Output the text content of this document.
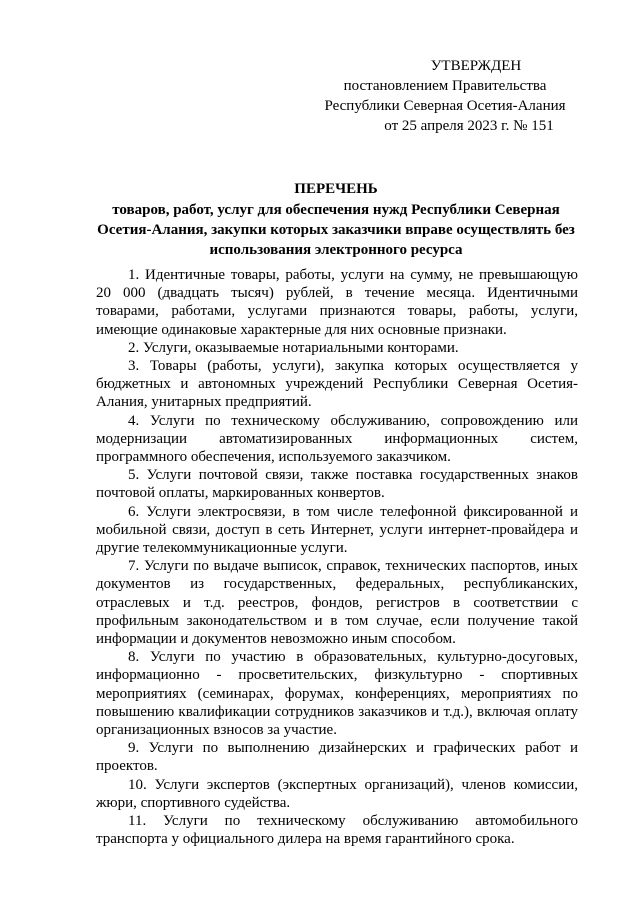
УТВЕРЖДЕН
постановлением Правительства
Республики Северная Осетия-Алания
от 25 апреля 2023 г. № 151
ПЕРЕЧЕНЬ
товаров, работ, услуг для обеспечения нужд Республики Северная
Осетия-Алания, закупки которых заказчики вправе осуществлять без
использования электронного ресурса

1. Идентичные товары, работы, услуги на сумму, не превышающую 20 000 (двадцать тысяч) рублей, в течение месяца. Идентичными товарами, работами, услугами признаются товары, работы, услуги, имеющие одинаковые характерные для них основные признаки.

2. Услуги, оказываемые нотариальными конторами.

3. Товары (работы, услуги), закупка которых осуществляется у бюджетных и автономных учреждений Республики Северная Осетия-Алания, унитарных предприятий.

4. Услуги по техническому обслуживанию, сопровождению или модернизации автоматизированных информационных систем, программного обеспечения, используемого заказчиком.

5. Услуги почтовой связи, также поставка государственных знаков почтовой оплаты, маркированных конвертов.

6. Услуги электросвязи, в том числе телефонной фиксированной и мобильной связи, доступ в сеть Интернет, услуги интернет-провайдера и другие телекоммуникационные услуги.

7. Услуги по выдаче выписок, справок, технических паспортов, иных документов из государственных, федеральных, республиканских, отраслевых и т.д. реестров, фондов, регистров в соответствии с профильным законодательством и в том случае, если получение такой информации и документов невозможно иным способом.

8. Услуги по участию в образовательных, культурно-досуговых, информационно - просветительских, физкультурно - спортивных мероприятиях (семинарах, форумах, конференциях, мероприятиях по повышению квалификации сотрудников заказчиков и т.д.), включая оплату организационных взносов за участие.

9. Услуги по выполнению дизайнерских и графических работ и проектов.

10. Услуги экспертов (экспертных организаций), членов комиссии, жюри, спортивного судейства.

11. Услуги по техническому обслуживанию автомобильного транспорта у официального дилера на время гарантийного срока.
